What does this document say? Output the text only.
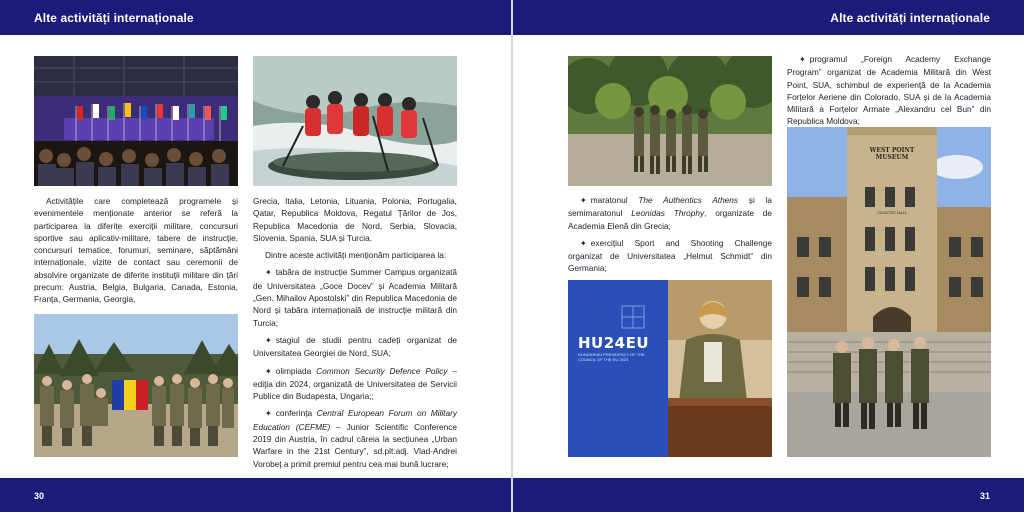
Alte activități internaționale

Activitățile care completează programele și evenimentele menționate anterior se referă la participarea la diferite exerciții militare, concursuri sportive sau aplicativ-militare, tabere de instrucție, concursuri tematice, forumuri, seminare, săptămâni internaționale, vizite de contact sau ceremonii de absolvire organizate de diferite instituții militare din țări precum: Austria, Belgia, Bulgaria, Canada, Estonia, Franța, Germania, Georgia,

Grecia, Italia, Letonia, Lituania, Polonia, Portugalia, Qatar, Republica Moldova, Regatul Țărilor de Jos, Republica Macedonia de Nord, Serbia, Slovacia, Slovenia, Spania, SUA și Turcia.

Dintre aceste activități menționăm participarea la:

✦ tabăra de instrucție Summer Campus organizată de Universitatea „Goce Docev” și Academia Militară „Gen. Mihailov Apostolski” din Republica Macedonia de Nord și tabăra internațională de instrucție militară din Turcia;

✦ stagiul de studii pentru cadeți organizat de Universitatea Georgiei de Nord, SUA;

✦ olimpiada Common Security Defence Policy – ediția din 2024, organizată de Universitatea de Servicii Publice din Budapesta, Ungaria;;

✦ conferința Central European Forum on Military Education (CEFME) – Junior Scientific Conference 2019 din Austria, în cadrul căreia la secțiunea „Urban Warfare in the 21st Century”, sd.plt.adj. Vlad-Andrei Vorobeț a primit premiul pentru cea mai bună lucrare;

30
Alte activități internaționale

✦ maratonul The Authentics Athens și la semimaratonul Leonidas Throphy, organizate de Academia Elenă din Grecia;

✦ exercițiul Sport and Shooting Challenge organizat de Universitatea „Helmut Schmidt” din Germania;

✦

HU24EU
HUNGARIAN PRESIDENCY OF THE COUNCIL OF THE EU 2024

✦ programul „Foreign Academy Exchange Program” organizat de Academia Militară din West Point, SUA, schimbul de experiență de la Academia Forțelor Aeriene din Colorado, SUA și de la Academia Militară a Forțelor Armate „Alexandru cel Bun” din Republica Moldova;

WEST POINT
MUSEUM
OLMSTED HALL
31
